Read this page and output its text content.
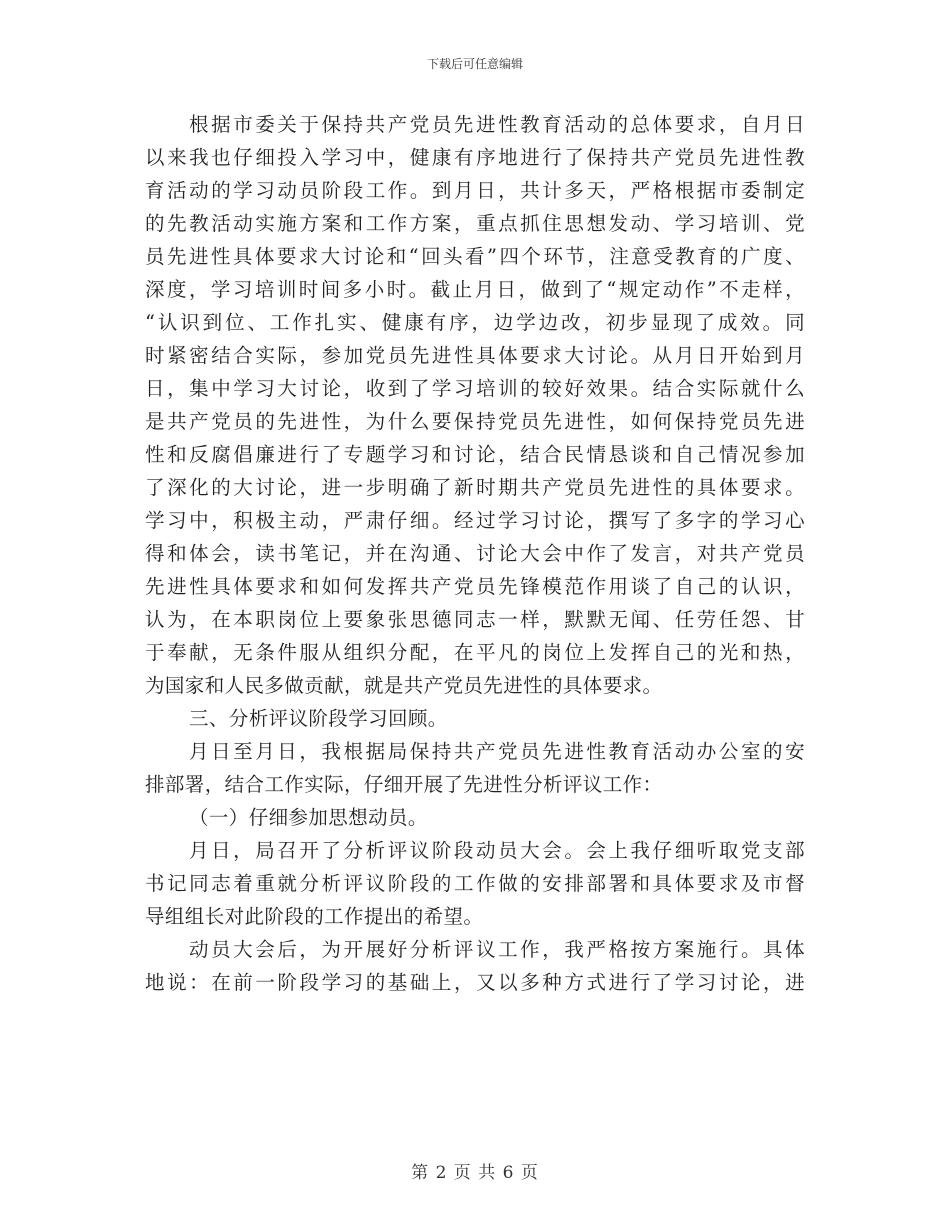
下载后可任意编辑
根据市委关于保持共产党员先进性教育活动的总体要求，自月日
以来我也仔细投入学习中，健康有序地进行了保持共产党员先进性教
育活动的学习动员阶段工作。到月日，共计多天，严格根据市委制定
的先教活动实施方案和工作方案，重点抓住思想发动、学习培训、党
员先进性具体要求大讨论和“回头看”四个环节，注意受教育的广度、
深度，学习培训时间多小时。截止月日，做到了“规定动作”不走样，
“认识到位、工作扎实、健康有序，边学边改，初步显现了成效。同
时紧密结合实际，参加党员先进性具体要求大讨论。从月日开始到月
日，集中学习大讨论，收到了学习培训的较好效果。结合实际就什么
是共产党员的先进性，为什么要保持党员先进性，如何保持党员先进
性和反腐倡廉进行了专题学习和讨论，结合民情恳谈和自己情况参加
了深化的大讨论，进一步明确了新时期共产党员先进性的具体要求。
学习中，积极主动，严肃仔细。经过学习讨论，撰写了多字的学习心
得和体会，读书笔记，并在沟通、讨论大会中作了发言，对共产党员
先进性具体要求和如何发挥共产党员先锋模范作用谈了自己的认识，
认为，在本职岗位上要象张思德同志一样，默默无闻、任劳任怨、甘
于奉献，无条件服从组织分配，在平凡的岗位上发挥自己的光和热，
为国家和人民多做贡献，就是共产党员先进性的具体要求。
三、分析评议阶段学习回顾。
月日至月日，我根据局保持共产党员先进性教育活动办公室的安
排部署，结合工作实际，仔细开展了先进性分析评议工作：
（一）仔细参加思想动员。
月日，局召开了分析评议阶段动员大会。会上我仔细听取党支部
书记同志着重就分析评议阶段的工作做的安排部署和具体要求及市督
导组组长对此阶段的工作提出的希望。
动员大会后，为开展好分析评议工作，我严格按方案施行。具体
地说：在前一阶段学习的基础上，又以多种方式进行了学习讨论，进
第 2 页 共 6 页
